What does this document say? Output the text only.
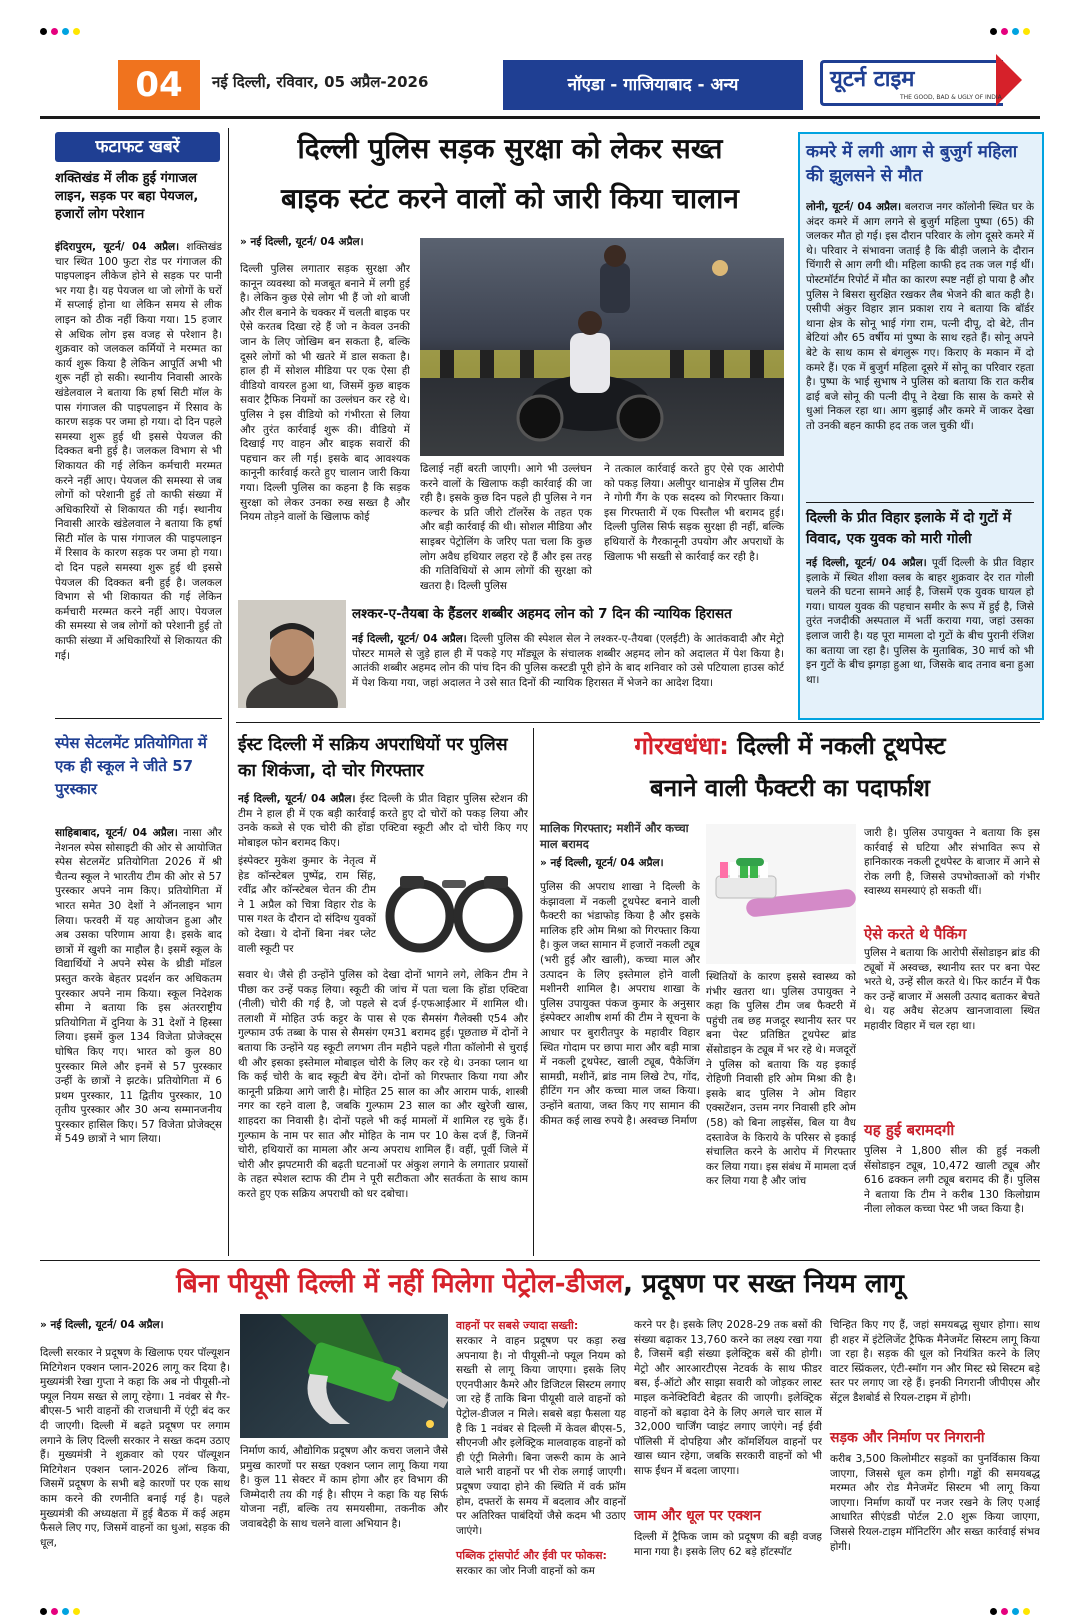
04	नई दिल्ली, रविवार, 05 अप्रैल-2026	नॉएडा - गाजियाबाद - अन्य	यूटर्न टाइम
THE GOOD, BAD & UGLY OF INDIA
फटाफट खबरें
शक्तिखंड में लीक हुई गंगाजल लाइन, सड़क पर बहा पेयजल, हजारों लोग परेशान
इंदिरापुरम, यूटर्न/ 04 अप्रैल। शक्तिखंड चार स्थित 100 फुटा रोड पर गंगाजल की पाइपलाइन लीकेज होने से सड़क पर पानी भर गया है। यह पेयजल था जो लोगों के घरों में सप्लाई होना था लेकिन समय से लीक लाइन को ठीक नहीं किया गया। 15 हजार से अधिक लोग इस वजह से परेशान है। शुक्रवार को जलकल कर्मियों ने मरम्मत का कार्य शुरू किया है लेकिन आपूर्ति अभी भी शुरू नहीं हो सकी। स्थानीय निवासी आरके खंडेलवाल ने बताया कि हर्षा सिटी मॉल के पास गंगाजल की पाइपलाइन में रिसाव के कारण सड़क पर जमा हो गया। दो दिन पहले समस्या शुरू हुई थी इससे पेयजल की दिक्कत बनी हुई है। जलकल विभाग से भी शिकायत की गई लेकिन कर्मचारी मरम्मत करने नहीं आए। पेयजल की समस्या से जब लोगों को परेशानी हुई तो काफी संख्या में अधिकारियों से शिकायत की गई। स्थानीय निवासी आरके खंडेलवाल ने बताया कि हर्षा सिटी मॉल के पास गंगाजल की पाइपलाइन में रिसाव के कारण सड़क पर जमा हो गया। दो दिन पहले समस्या शुरू हुई थी इससे पेयजल की दिक्कत बनी हुई है। जलकल विभाग से भी शिकायत की गई लेकिन कर्मचारी मरम्मत करने नहीं आए। पेयजल की समस्या से जब लोगों को परेशानी हुई तो काफी संख्या में अधिकारियों से शिकायत की गई।
स्पेस सेटलमेंट प्रतियोगिता में एक ही स्कूल ने जीते 57 पुरस्कार
साहिबाबाद, यूटर्न/ 04 अप्रैल। नासा और नेशनल स्पेस सोसाइटी की ओर से आयोजित स्पेस सेटलमेंट प्रतियोगिता 2026 में श्री चैतन्य स्कूल ने भारतीय टीम की ओर से 57 पुरस्कार अपने नाम किए। प्रतियोगिता में भारत समेत 30 देशों ने ऑनलाइन भाग लिया। फरवरी में यह आयोजन हुआ और अब उसका परिणाम आया है। इसके बाद छात्रों में खुशी का माहौल है। इसमें स्कूल के विद्यार्थियों ने अपने स्पेस के थ्रीडी मॉडल प्रस्तुत करके बेहतर प्रदर्शन कर अधिकतम पुरस्कार अपने नाम किया। स्कूल निदेशक सीमा ने बताया कि इस अंतरराष्ट्रीय प्रतियोगिता में दुनिया के 31 देशों ने हिस्सा लिया। इसमें कुल 134 विजेता प्रोजेक्ट्स घोषित किए गए। भारत को कुल 80 पुरस्कार मिले और इनमें से 57 पुरस्कार उन्हीं के छात्रों ने झटके। प्रतियोगिता में 6 प्रथम पुरस्कार, 11 द्वितीय पुरस्कार, 10 तृतीय पुरस्कार और 30 अन्य सम्मानजनीय पुरस्कार हासिल किए। 57 विजेता प्रोजेक्ट्स में 549 छात्रों ने भाग लिया।
दिल्ली पुलिस सड़क सुरक्षा को लेकर सख्त
बाइक स्टंट करने वालों को जारी किया चालान
» नई दिल्ली, यूटर्न/ 04 अप्रैल।
दिल्ली पुलिस लगातार सड़क सुरक्षा और कानून व्यवस्था को मजबूत बनाने में लगी हुई है। लेकिन कुछ ऐसे लोग भी हैं जो शो बाजी और रील बनाने के चक्कर में चलती बाइक पर ऐसे करतब दिखा रहे हैं जो न केवल उनकी जान के लिए जोखिम बन सकता है, बल्कि दूसरे लोगों को भी खतरे में डाल सकता है। हाल ही में सोशल मीडिया पर एक ऐसा ही वीडियो वायरल हुआ था, जिसमें कुछ बाइक सवार ट्रैफिक नियमों का उल्लंघन कर रहे थे। पुलिस ने इस वीडियो को गंभीरता से लिया और तुरंत कार्रवाई शुरू की। वीडियो में दिखाई गए वाहन और बाइक सवारों की पहचान कर ली गई। इसके बाद आवश्यक कानूनी कार्रवाई करते हुए चालान जारी किया गया। दिल्ली पुलिस का कहना है कि सड़क सुरक्षा को लेकर उनका रुख सख्त है और नियम तोड़ने वालों के खिलाफ कोई
ढिलाई नहीं बरती जाएगी। आगे भी उल्लंघन करने वालों के खिलाफ कड़ी कार्रवाई की जा रही है। इसके कुछ दिन पहले ही पुलिस ने गन कल्चर के प्रति जीरो टॉलरेंस के तहत एक और बड़ी कार्रवाई की थी। सोशल मीडिया और साइबर पेट्रोलिंग के जरिए पता चला कि कुछ लोग अवैध हथियार लहरा रहे हैं और इस तरह की गतिविधियों से आम लोगों की सुरक्षा को खतरा है। दिल्ली पुलिस
ने तत्काल कार्रवाई करते हुए ऐसे एक आरोपी को पकड़ लिया। अलीपुर थानाक्षेत्र में पुलिस टीम ने गोगी गैंग के एक सदस्य को गिरफ्तार किया। इस गिरफ्तारी में एक पिस्तौल भी बरामद हुई। दिल्ली पुलिस सिर्फ सड़क सुरक्षा ही नहीं, बल्कि हथियारों के गैरकानूनी उपयोग और अपराधों के खिलाफ भी सख्ती से कार्रवाई कर रही है।
लश्कर-ए-तैयबा के हैंडलर शब्बीर अहमद लोन को 7 दिन की न्यायिक हिरासत
नई दिल्ली, यूटर्न/ 04 अप्रैल। दिल्ली पुलिस की स्पेशल सेल ने लश्कर-ए-तैयबा (एलईटी) के आतंकवादी और मेट्रो पोस्टर मामले से जुड़े हाल ही में पकड़े गए मॉड्यूल के संचालक शब्बीर अहमद लोन को अदालत में पेश किया है। आतंकी शब्बीर अहमद लोन की पांच दिन की पुलिस कस्टडी पूरी होने के बाद शनिवार को उसे पटियाला हाउस कोर्ट में पेश किया गया, जहां अदालत ने उसे सात दिनों की न्यायिक हिरासत में भेजने का आदेश दिया।
कमरे में लगी आग से बुजुर्ग महिला की झुलसने से मौत
लोनी, यूटर्न/ 04 अप्रैल। बलराज नगर कॉलोनी स्थित घर के अंदर कमरे में आग लगने से बुजुर्ग महिला पुष्पा (65) की जलकर मौत हो गई। इस दौरान परिवार के लोग दूसरे कमरे में थे। परिवार ने संभावना जताई है कि बीड़ी जलाने के दौरान चिंगारी से आग लगी थी। महिला काफी हद तक जल गई थीं। पोस्टमॉर्टम रिपोर्ट में मौत का कारण स्पष्ट नहीं हो पाया है और पुलिस ने बिसरा सुरक्षित रखकर लैब भेजने की बात कही है। एसीपी अंकुर विहार ज्ञान प्रकाश राय ने बताया कि बॉर्डर थाना क्षेत्र के सोनू भाई गंगा राम, पत्नी दीपू, दो बेटे, तीन बेटियां और 65 वर्षीय मां पुष्पा के साथ रहते हैं। सोनू अपने बेटे के साथ काम से बंगलुरू गए। किराए के मकान में दो कमरे हैं। एक में बुजुर्ग महिला दूसरे में सोनू का परिवार रहता है। पुष्पा के भाई सुभाष ने पुलिस को बताया कि रात करीब ढाई बजे सोनू की पत्नी दीपू ने देखा कि सास के कमरे से धुआं निकल रहा था। आग बुझाई और कमरे में जाकर देखा तो उनकी बहन काफी हद तक जल चुकी थीं।
दिल्ली के प्रीत विहार इलाके में दो गुटों में विवाद, एक युवक को मारी गोली
नई दिल्ली, यूटर्न/ 04 अप्रैल। पूर्वी दिल्ली के प्रीत विहार इलाके में स्थित शीशा क्लब के बाहर शुक्रवार देर रात गोली चलने की घटना सामने आई है, जिसमें एक युवक घायल हो गया। घायल युवक की पहचान समीर के रूप में हुई है, जिसे तुरंत नजदीकी अस्पताल में भर्ती कराया गया, जहां उसका इलाज जारी है। यह पूरा मामला दो गुटों के बीच पुरानी रंजिश का बताया जा रहा है। पुलिस के मुताबिक, 30 मार्च को भी इन गुटों के बीच झगड़ा हुआ था, जिसके बाद तनाव बना हुआ था।
ईस्ट दिल्ली में सक्रिय अपराधियों पर पुलिस का शिकंजा, दो चोर गिरफ्तार
नई दिल्ली, यूटर्न/ 04 अप्रैल। ईस्ट दिल्ली के प्रीत विहार पुलिस स्टेशन की टीम ने हाल ही में एक बड़ी कार्रवाई करते हुए दो चोरों को पकड़ लिया और उनके कब्जे से एक चोरी की होंडा एक्टिवा स्कूटी और दो चोरी किए गए मोबाइल फोन बरामद किए।
इंस्पेक्टर मुकेश कुमार के नेतृत्व में हेड कॉन्स्टेबल पुष्पेंद्र, राम सिंह, रवींद्र और कॉन्स्टेबल चेतन की टीम ने 1 अप्रैल को चित्रा विहार रोड के पास गश्त के दौरान दो संदिग्ध युवकों को देखा। ये दोनों बिना नंबर प्लेट वाली स्कूटी पर
सवार थे। जैसे ही उन्होंने पुलिस को देखा दोनों भागने लगे, लेकिन टीम ने पीछा कर उन्हें पकड़ लिया। स्कूटी की जांच में पता चला कि होंडा एक्टिवा (नीली) चोरी की गई है, जो पहले से दर्ज ई-एफआईआर में शामिल थी। तलाशी में मोहित उर्फ कट्टर के पास से एक सैमसंग गैलेक्सी ए54 और गुल्फाम उर्फ तब्बा के पास से सैमसंग एम31 बरामद हुई। पूछताछ में दोनों ने बताया कि उन्होंने यह स्कूटी लगभग तीन महीने पहले गीता कॉलोनी से चुराई थी और इसका इस्तेमाल मोबाइल चोरी के लिए कर रहे थे। उनका प्लान था कि कई चोरी के बाद स्कूटी बेच देंगे। दोनों को गिरफ्तार किया गया और कानूनी प्रक्रिया आगे जारी है। मोहित 25 साल का और आराम पार्क, शास्त्री नगर का रहने वाला है, जबकि गुल्फाम 23 साल का और खुरेजी खास, शाहदरा का निवासी है। दोनों पहले भी कई मामलों में शामिल रह चुके हैं। गुल्फाम के नाम पर सात और मोहित के नाम पर 10 केस दर्ज हैं, जिनमें चोरी, हथियारों का मामला और अन्य अपराध शामिल हैं। वहीं, पूर्वी जिले में चोरी और झपटमारी की बढ़ती घटनाओं पर अंकुश लगाने के लगातार प्रयासों के तहत स्पेशल स्टाफ की टीम ने पूरी सटीकता और सतर्कता के साथ काम करते हुए एक सक्रिय अपराधी को धर दबोचा।
गोरखधंधा: दिल्ली में नकली टूथपेस्ट
बनाने वाली फैक्टरी का पदार्फाश
मालिक गिरफ्तार; मशीनें और कच्चा माल बरामद
» नई दिल्ली, यूटर्न/ 04 अप्रैल।
पुलिस की अपराध शाखा ने दिल्ली के कंझावला में नकली टूथपेस्ट बनाने वाली फैक्टरी का भंडाफोड़ किया है और इसके मालिक हरि ओम मिश्रा को गिरफ्तार किया है। कुल जब्त सामान में हजारों नकली ट्यूब (भरी हुई और खाली), कच्चा माल और उत्पादन के लिए इस्तेमाल होने वाली मशीनरी शामिल है। अपराध शाखा के पुलिस उपायुक्त पंकज कुमार के अनुसार इंस्पेक्टर आशीष शर्मा की टीम ने सूचना के आधार पर बुरारीतपुर के महावीर विहार स्थित गोदाम पर छापा मारा और बड़ी मात्रा में नकली टूथपेस्ट, खाली ट्यूब, पैकेजिंग सामग्री, मशीनें, ब्रांड नाम लिखे टेप, गोंद, हीटिंग गन और कच्चा माल जब्त किया। उन्होंने बताया, जब्त किए गए सामान की कीमत कई लाख रुपये है। अस्वच्छ निर्माण
स्थितियों के कारण इससे स्वास्थ्य को गंभीर खतरा था। पुलिस उपायुक्त ने कहा कि पुलिस टीम जब फैक्टरी में पहुंची तब छह मजदूर स्थानीय स्तर पर बना पेस्ट प्रतिष्ठित टूथपेस्ट ब्रांड सेंसोडाइन के ट्यूब में भर रहे थे। मजदूरों ने पुलिस को बताया कि यह इकाई रोहिणी निवासी हरि ओम मिश्रा की है। इसके बाद पुलिस ने ओम विहार एक्सटेंशन, उत्तम नगर निवासी हरि ओम (58) को बिना लाइसेंस, बिल या वैध दस्तावेज के किराये के परिसर से इकाई संचालित करने के आरोप में गिरफ्तार कर लिया गया। इस संबंध में मामला दर्ज कर लिया गया है और जांच
जारी है। पुलिस उपायुक्त ने बताया कि इस कार्रवाई से घटिया और संभावित रूप से हानिकारक नकली टूथपेस्ट के बाजार में आने से रोक लगी है, जिससे उपभोक्ताओं को गंभीर स्वास्थ्य समस्याएं हो सकती थीं।
ऐसे करते थे पैकिंग
पुलिस ने बताया कि आरोपी सेंसोडाइन ब्रांड की ट्यूबों में अस्वच्छ, स्थानीय स्तर पर बना पेस्ट भरते थे, उन्हें सील करते थे। फिर कार्टन में पैक कर उन्हें बाजार में असली उत्पाद बताकर बेचते थे। यह अवैध सेटअप खानजावाला स्थित महावीर विहार में चल रहा था।
यह हुई बरामदगी
पुलिस ने 1,800 सील की हुई नकली सेंसोडाइन ट्यूब, 10,472 खाली ट्यूब और 616 ढक्कन लगी ट्यूब बरामद की हैं। पुलिस ने बताया कि टीम ने करीब 130 किलोग्राम नीला लोकल कच्चा पेस्ट भी जब्त किया है।
बिना पीयूसी दिल्ली में नहीं मिलेगा पेट्रोल-डीजल, प्रदूषण पर सख्त नियम लागू
» नई दिल्ली, यूटर्न/ 04 अप्रैल।
दिल्ली सरकार ने प्रदूषण के खिलाफ एयर पॉल्यूशन मिटिगेशन एक्शन प्लान-2026 लागू कर दिया है। मुख्यमंत्री रेखा गुप्ता ने कहा कि अब नो पीयूसी-नो फ्यूल नियम सख्त से लागू रहेगा। 1 नवंबर से गैर-बीएस-5 भारी वाहनों की राजधानी में एंट्री बंद कर दी जाएगी। दिल्ली में बढ़ते प्रदूषण पर लगाम लगाने के लिए दिल्ली सरकार ने सख्त कदम उठाए हैं। मुख्यमंत्री ने शुक्रवार को एयर पॉल्यूशन मिटिगेशन एक्शन प्लान-2026 लॉन्च किया, जिसमें प्रदूषण के सभी बड़े कारणों पर एक साथ काम करने की रणनीति बनाई गई है। पहले मुख्यमंत्री की अध्यक्षता में हुई बैठक में कई अहम फैसले लिए गए, जिसमें वाहनों का धुआं, सड़क की धूल,
निर्माण कार्य, औद्योगिक प्रदूषण और कचरा जलाने जैसे प्रमुख कारणों पर सख्त एक्शन प्लान लागू किया गया है। कुल 11 सेक्टर में काम होगा और हर विभाग की जिम्मेदारी तय की गई है। सीएम ने कहा कि यह सिर्फ योजना नहीं, बल्कि तय समयसीमा, तकनीक और जवाबदेही के साथ चलने वाला अभियान है।
वाहनों पर सबसे ज्यादा सख्ती:
सरकार ने वाहन प्रदूषण पर कड़ा रुख अपनाया है। नो पीयूसी-नो फ्यूल नियम को सख्ती से लागू किया जाएगा। इसके लिए एएनपीआर कैमरे और डिजिटल सिस्टम लगाए जा रहे हैं ताकि बिना पीयूसी वाले वाहनों को पेट्रोल-डीजल न मिले। सबसे बड़ा फैसला यह है कि 1 नवंबर से दिल्ली में केवल बीएस-5, सीएनजी और इलेक्ट्रिक मालवाहक वाहनों को ही एंट्री मिलेगी। बिना जरूरी काम के आने वाले भारी वाहनों पर भी रोक लगाई जाएगी। प्रदूषण ज्यादा होने की स्थिति में वर्क फ्रॉम होम, दफ्तरों के समय में बदलाव और वाहनों पर अतिरिक्त पाबंदियों जैसे कदम भी उठाए जाएंगे।
पब्लिक ट्रांसपोर्ट और ईवी पर फोकस:
सरकार का जोर निजी वाहनों को कम
करने पर है। इसके लिए 2028-29 तक बसों की संख्या बढ़ाकर 13,760 करने का लक्ष्य रखा गया है, जिसमें बड़ी संख्या इलेक्ट्रिक बसें की होगी। मेट्रो और आरआरटीएस नेटवर्क के साथ फीडर बस, ई-ऑटो और साझा सवारी को जोड़कर लास्ट माइल कनेक्टिविटी बेहतर की जाएगी। इलेक्ट्रिक वाहनों को बढ़ावा देने के लिए अगले चार साल में 32,000 चार्जिंग प्वाइंट लगाए जाएंगे। नई ईवी पॉलिसी में दोपहिया और कॉमर्शियल वाहनों पर खास ध्यान रहेगा, जबकि सरकारी वाहनों को भी साफ ईंधन में बदला जाएगा।
जाम और धूल पर एक्शन
दिल्ली में ट्रैफिक जाम को प्रदूषण की बड़ी वजह माना गया है। इसके लिए 62 बड़े हॉटस्पॉट
चिन्हित किए गए हैं, जहां समयबद्ध सुधार होगा। साथ ही शहर में इंटेलिजेंट ट्रैफिक मैनेजमेंट सिस्टम लागू किया जा रहा है। सड़क की धूल को नियंत्रित करने के लिए वाटर स्प्रिंकलर, एंटी-स्मॉग गन और मिस्ट स्प्रे सिस्टम बड़े स्तर पर लगाए जा रहे हैं। इनकी निगरानी जीपीएस और सेंट्रल डैशबोर्ड से रियल-टाइम में होगी।
सड़क और निर्माण पर निगरानी
करीब 3,500 किलोमीटर सड़कों का पुनर्विकास किया जाएगा, जिससे धूल कम होगी। गड्ढों की समयबद्ध मरम्मत और रोड मैनेजमेंट सिस्टम भी लागू किया जाएगा। निर्माण कार्यों पर नजर रखने के लिए एआई आधारित सीएंडडी पोर्टल 2.0 शुरू किया जाएगा, जिससे रियल-टाइम मॉनिटरिंग और सख्त कार्रवाई संभव होगी।
